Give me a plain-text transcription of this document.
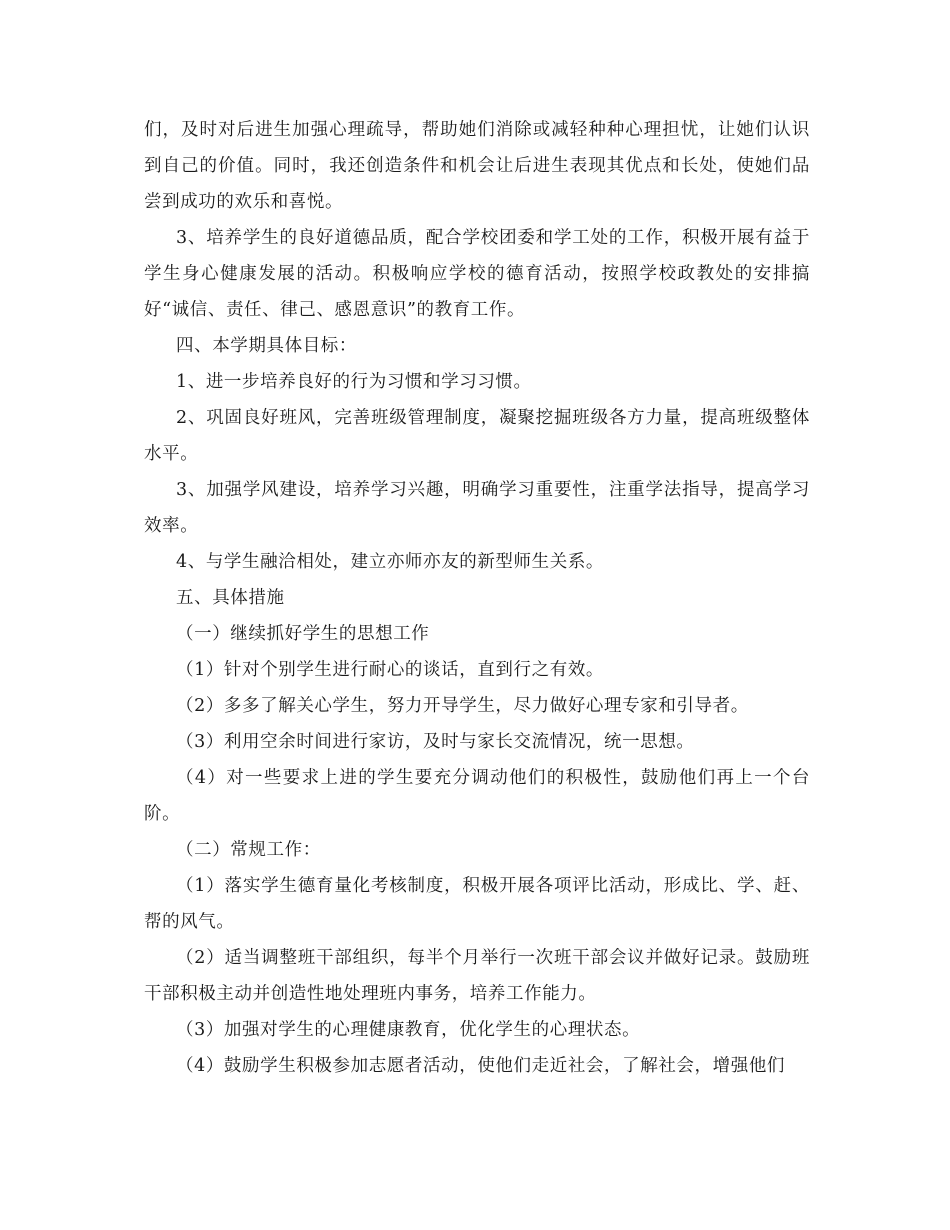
们，及时对后进生加强心理疏导，帮助她们消除或减轻种种心理担忧，让她们认识到自己的价值。同时，我还创造条件和机会让后进生表现其优点和长处，使她们品尝到成功的欢乐和喜悦。

3、培养学生的良好道德品质，配合学校团委和学工处的工作，积极开展有益于学生身心健康发展的活动。积极响应学校的德育活动，按照学校政教处的安排搞好“诚信、责任、律己、感恩意识”的教育工作。

四、本学期具体目标：

1、进一步培养良好的行为习惯和学习习惯。

2、巩固良好班风，完善班级管理制度，凝聚挖掘班级各方力量，提高班级整体水平。

3、加强学风建设，培养学习兴趣，明确学习重要性，注重学法指导，提高学习效率。

4、与学生融洽相处，建立亦师亦友的新型师生关系。

五、具体措施

（一）继续抓好学生的思想工作

（1）针对个别学生进行耐心的谈话，直到行之有效。

（2）多多了解关心学生，努力开导学生，尽力做好心理专家和引导者。

（3）利用空余时间进行家访，及时与家长交流情况，统一思想。

（4）对一些要求上进的学生要充分调动他们的积极性，鼓励他们再上一个台阶。

（二）常规工作：

（1）落实学生德育量化考核制度，积极开展各项评比活动，形成比、学、赶、帮的风气。

（2）适当调整班干部组织，每半个月举行一次班干部会议并做好记录。鼓励班干部积极主动并创造性地处理班内事务，培养工作能力。

（3）加强对学生的心理健康教育，优化学生的心理状态。

（4）鼓励学生积极参加志愿者活动，使他们走近社会，了解社会，增强他们
